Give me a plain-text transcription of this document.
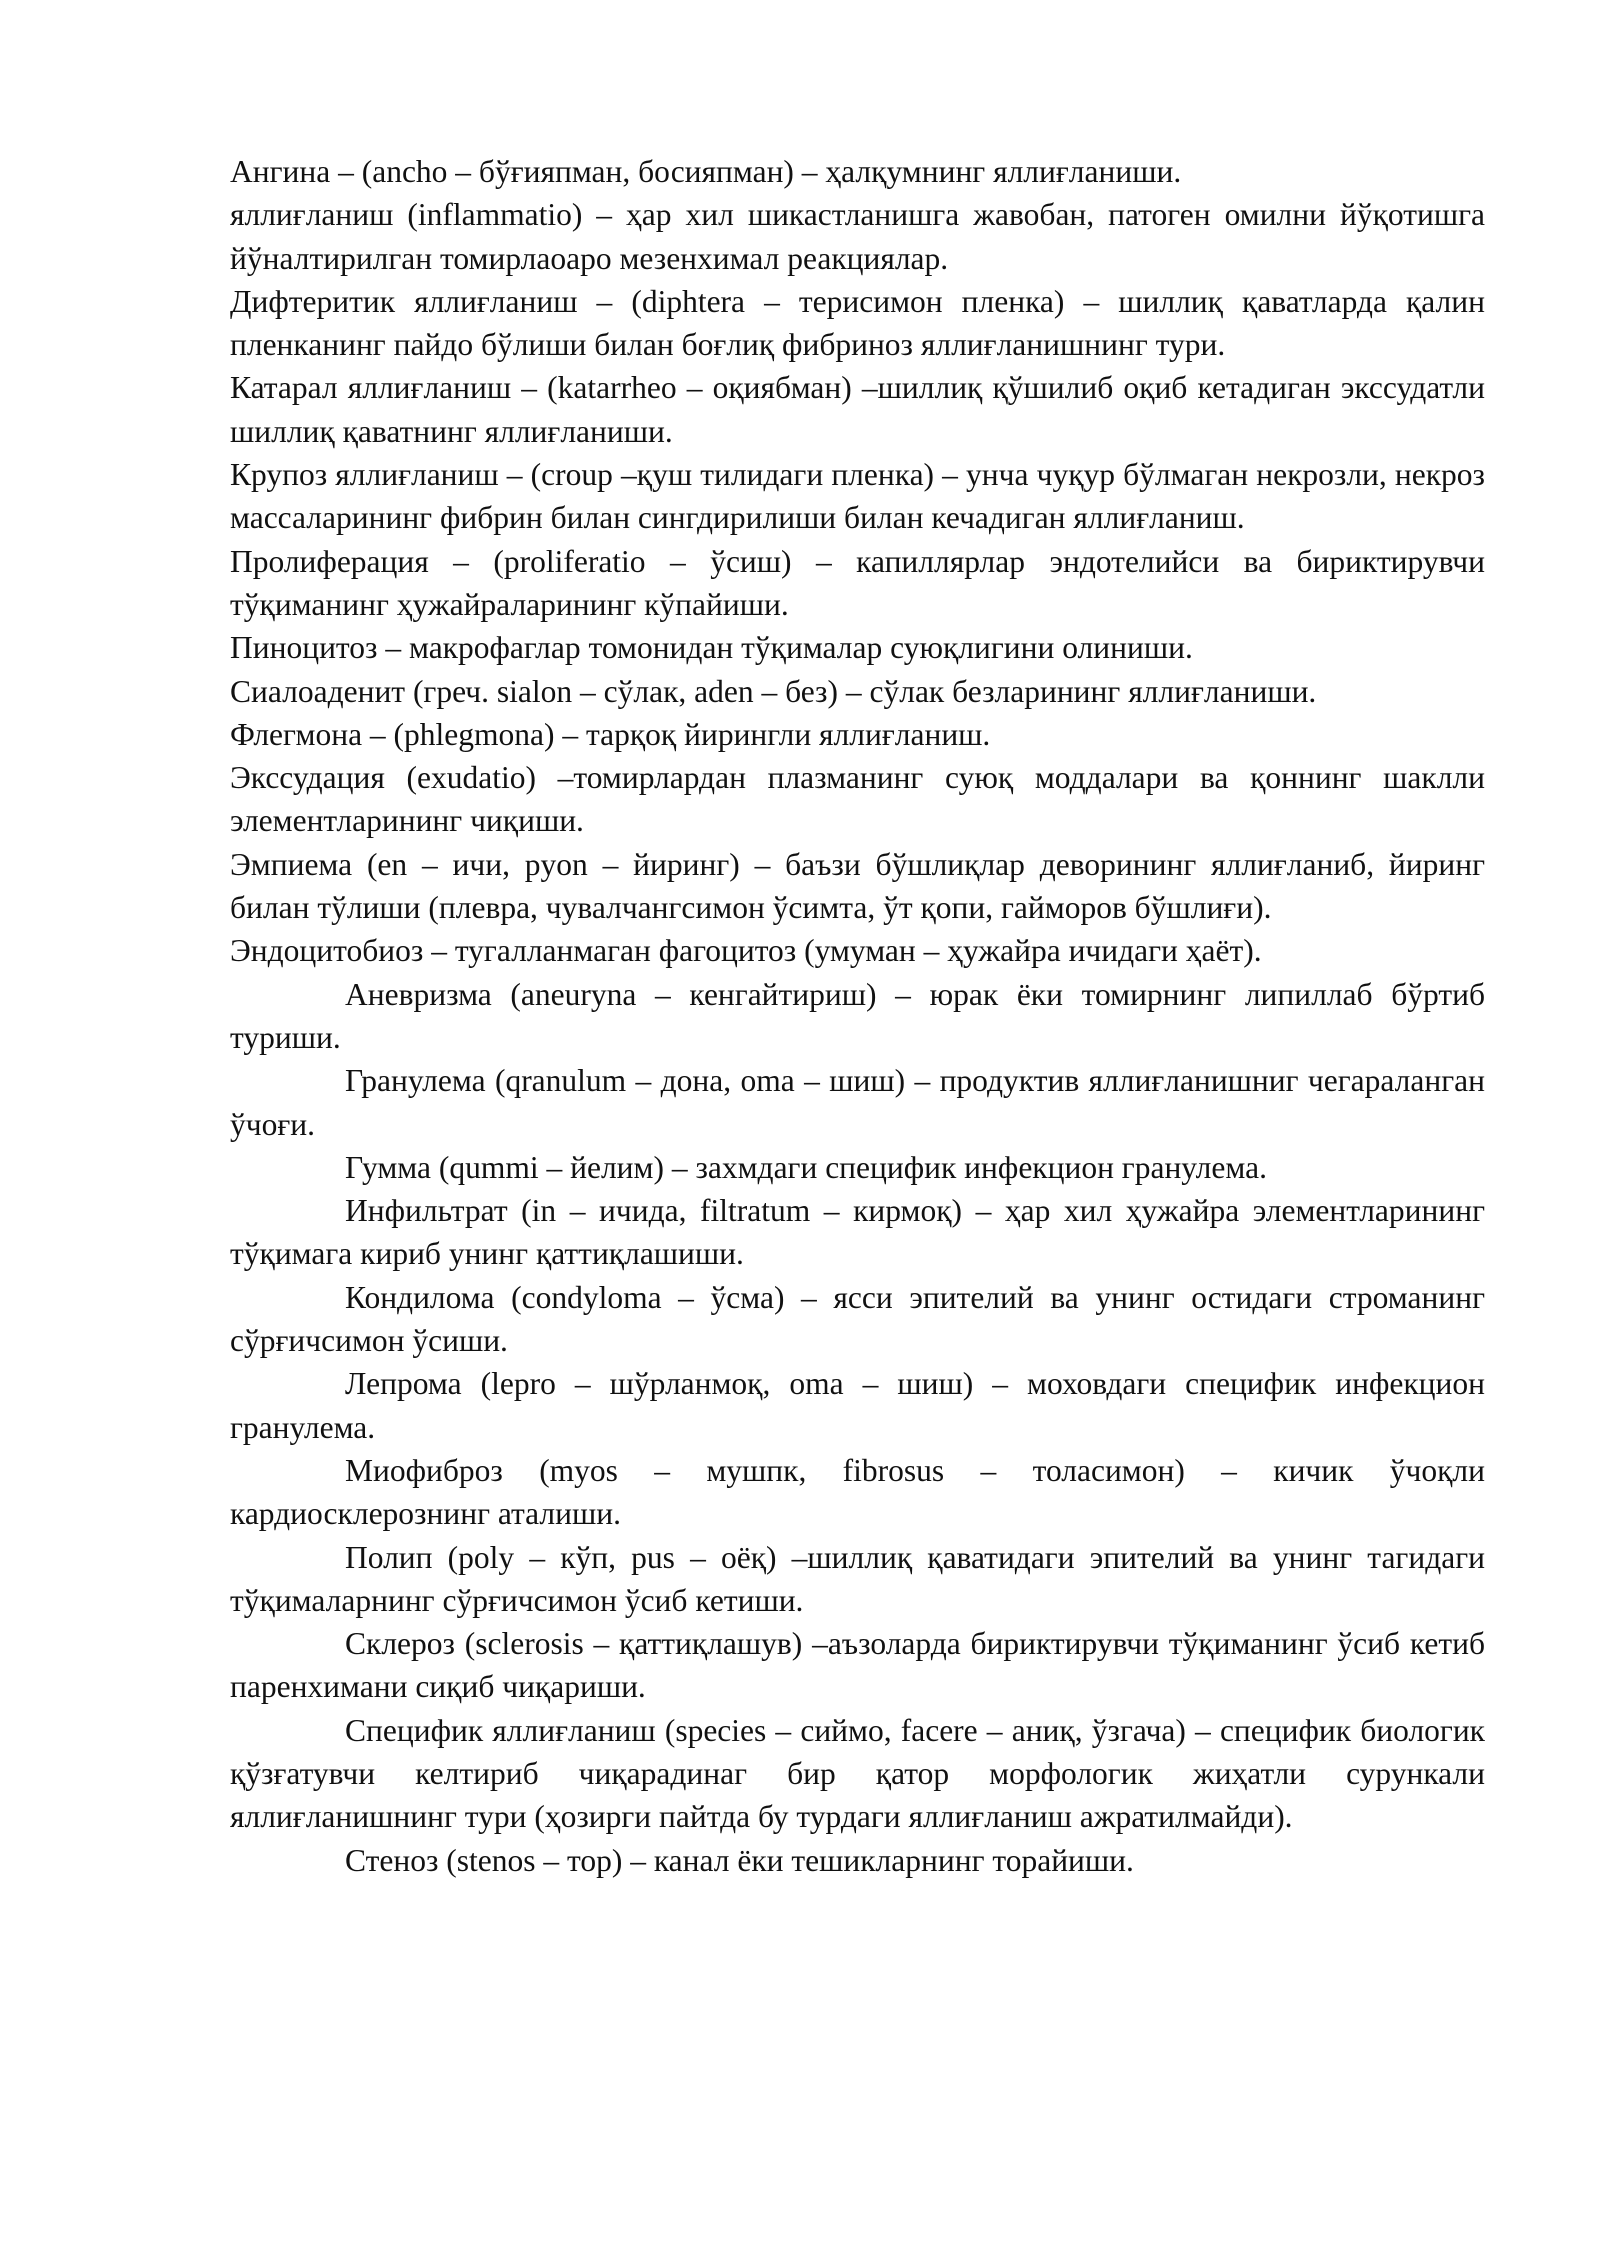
Ангина – (ancho – бўғияпман, босияпман) – ҳалқумнинг яллиғланиши.

яллиғланиш (inflammatio) – ҳар хил шикастланишга жавобан, патоген омилни йўқотишга йўналтирилган томирлаоаро мезенхимал реакциялар.

Дифтеритик яллиғланиш – (diphtera – терисимон пленка) – шиллиқ қаватларда қалин пленканинг пайдо бўлиши билан боғлиқ фибриноз яллиғланишнинг тури.

Катарал яллиғланиш – (katarrheo – оқиябман) –шиллиқ қўшилиб оқиб кетадиган экссудатли шиллиқ қаватнинг яллиғланиши.

Крупоз яллиғланиш – (croup –қуш тилидаги пленка) – унча чуқур бўлмаган некрозли, некроз массаларининг фибрин билан сингдирилиши билан кечадиган яллиғланиш.

Пролиферация – (proliferatio – ўсиш) – капиллярлар эндотелийси ва бириктирувчи тўқиманинг ҳужайраларининг кўпайиши.

Пиноцитоз – макрофаглар томонидан тўқималар суюқлигини олиниши.

Сиалоаденит (греч. sialon – сўлак, aden – без) – сўлак безларининг яллиғланиши.

Флегмона – (phlegmona) – тарқоқ йирингли яллиғланиш.

Экссудация (exudatio) –томирлардан плазманинг суюқ моддалари ва қоннинг шаклли элементларининг чиқиши.

Эмпиема (en – ичи, pyon – йиринг) – баъзи бўшлиқлар деворининг яллиғланиб, йиринг билан тўлиши (плевра, чувалчангсимон ўсимта, ўт қопи, гайморов бўшлиғи).

Эндоцитобиоз – тугалланмаган фагоцитоз (умуман – ҳужайра ичидаги ҳаёт).

Аневризма (aneurуna – кенгайтириш) – юрак ёки томирнинг липиллаб бўртиб туриши.

Гранулема (qranulum – дона, oma – шиш) – продуктив яллиғланишниг чегараланган ўчоғи.

Гумма (qummi – йелим) – захмдаги специфик инфекцион гранулема.

Инфильтрат (in – ичида, filtratum – кирмоқ) – ҳар хил ҳужайра элементларининг тўқимага кириб унинг қаттиқлашиши.

Кондилома (condyloma – ўсма) – ясси эпителий ва унинг остидаги строманинг сўрғичсимон ўсиши.

Лепрома (lepro – шўрланмоқ, oma – шиш) – моховдаги специфик инфекцион гранулема.

Миофиброз (myos – мушпк, fibrosus – толасимон) – кичик ўчоқли кардиосклерознинг аталиши.

Полип (poly – кўп, pus – оёқ) –шиллиқ қаватидаги эпителий ва унинг тагидаги тўқималарнинг сўрғичсимон ўсиб кетиши.

Склероз (sclerosis – қаттиқлашув) –аъзоларда бириктирувчи тўқиманинг ўсиб кетиб паренхимани сиқиб чиқариши.

Специфик яллиғланиш (species – сиймо, facere – аниқ, ўзгача) – специфик биологик қўзғатувчи келтириб чиқарадинаг бир қатор морфологик жиҳатли сурункали яллиғланишнинг тури (ҳозирги пайтда бу турдаги яллиғланиш ажратилмайди).

Стеноз (stenos – тор) – канал ёки тешикларнинг торайиши.
